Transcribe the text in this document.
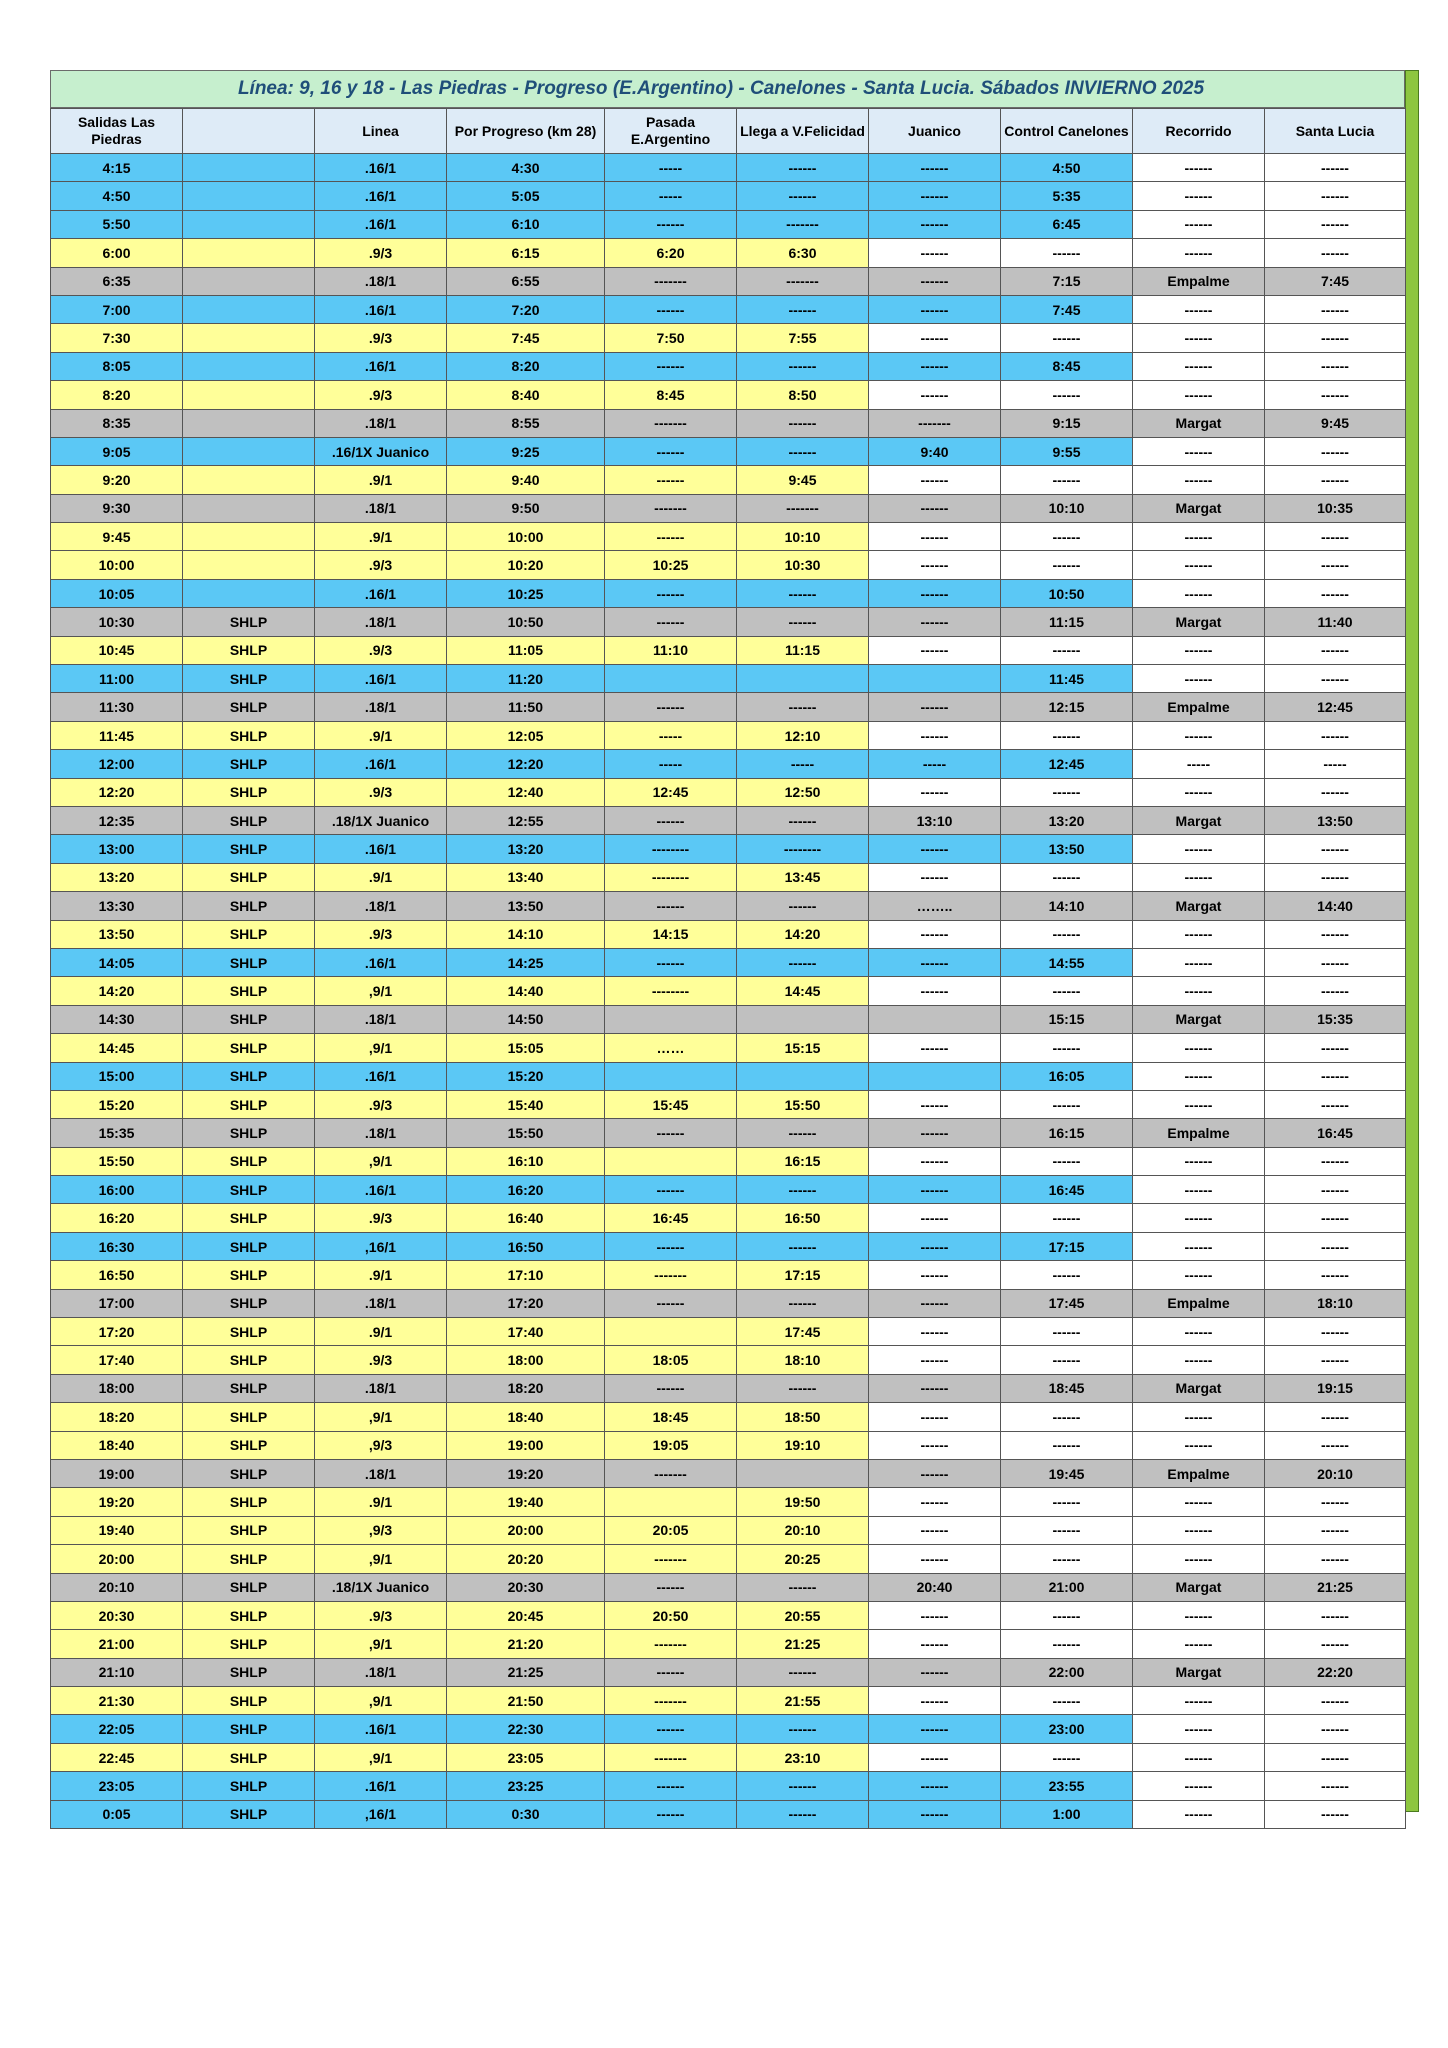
Línea: 9, 16 y 18 - Las Piedras - Progreso (E.Argentino) - Canelones - Santa Lucia. Sábados INVIERNO 2025
Salidas Las Piedras		Linea	Por Progreso (km 28)	Pasada E.Argentino	Llega a V.Felicidad	Juanico	Control Canelones	Recorrido	Santa Lucia
4:15		.16/1	4:30	-----	------	------	4:50	------	------
4:50		.16/1	5:05	-----	------	------	5:35	------	------
5:50		.16/1	6:10	------	-------	------	6:45	------	------
6:00		.9/3	6:15	6:20	6:30	------	------	------	------
6:35		.18/1	6:55	-------	-------	------	7:15	Empalme	7:45
7:00		.16/1	7:20	------	------	------	7:45	------	------
7:30		.9/3	7:45	7:50	7:55	------	------	------	------
8:05		.16/1	8:20	------	------	------	8:45	------	------
8:20		.9/3	8:40	8:45	8:50	------	------	------	------
8:35		.18/1	8:55	-------	------	-------	9:15	Margat	9:45
9:05		.16/1X Juanico	9:25	------	------	9:40	9:55	------	------
9:20		.9/1	9:40	------	9:45	------	------	------	------
9:30		.18/1	9:50	-------	-------	------	10:10	Margat	10:35
9:45		.9/1	10:00	------	10:10	------	------	------	------
10:00		.9/3	10:20	10:25	10:30	------	------	------	------
10:05		.16/1	10:25	------	------	------	10:50	------	------
10:30	SHLP	.18/1	10:50	------	------	------	11:15	Margat	11:40
10:45	SHLP	.9/3	11:05	11:10	11:15	------	------	------	------
11:00	SHLP	.16/1	11:20				11:45	------	------
11:30	SHLP	.18/1	11:50	------	------	------	12:15	Empalme	12:45
11:45	SHLP	.9/1	12:05	-----	12:10	------	------	------	------
12:00	SHLP	.16/1	12:20	-----	-----	-----	12:45	-----	-----
12:20	SHLP	.9/3	12:40	12:45	12:50	------	------	------	------
12:35	SHLP	.18/1X Juanico	12:55	------	------	13:10	13:20	Margat	13:50
13:00	SHLP	.16/1	13:20	--------	--------	------	13:50	------	------
13:20	SHLP	.9/1	13:40	--------	13:45	------	------	------	------
13:30	SHLP	.18/1	13:50	------	------	……..	14:10	Margat	14:40
13:50	SHLP	.9/3	14:10	14:15	14:20	------	------	------	------
14:05	SHLP	.16/1	14:25	------	------	------	14:55	------	------
14:20	SHLP	,9/1	14:40	--------	14:45	------	------	------	------
14:30	SHLP	.18/1	14:50				15:15	Margat	15:35
14:45	SHLP	,9/1	15:05	……	15:15	------	------	------	------
15:00	SHLP	.16/1	15:20				16:05	------	------
15:20	SHLP	.9/3	15:40	15:45	15:50	------	------	------	------
15:35	SHLP	.18/1	15:50	------	------	------	16:15	Empalme	16:45
15:50	SHLP	,9/1	16:10		16:15	------	------	------	------
16:00	SHLP	.16/1	16:20	------	------	------	16:45	------	------
16:20	SHLP	.9/3	16:40	16:45	16:50	------	------	------	------
16:30	SHLP	,16/1	16:50	------	------	------	17:15	------	------
16:50	SHLP	.9/1	17:10	-------	17:15	------	------	------	------
17:00	SHLP	.18/1	17:20	------	------	------	17:45	Empalme	18:10
17:20	SHLP	.9/1	17:40		17:45	------	------	------	------
17:40	SHLP	.9/3	18:00	18:05	18:10	------	------	------	------
18:00	SHLP	.18/1	18:20	------	------	------	18:45	Margat	19:15
18:20	SHLP	,9/1	18:40	18:45	18:50	------	------	------	------
18:40	SHLP	,9/3	19:00	19:05	19:10	------	------	------	------
19:00	SHLP	.18/1	19:20	-------		------	19:45	Empalme	20:10
19:20	SHLP	.9/1	19:40		19:50	------	------	------	------
19:40	SHLP	,9/3	20:00	20:05	20:10	------	------	------	------
20:00	SHLP	,9/1	20:20	-------	20:25	------	------	------	------
20:10	SHLP	.18/1X Juanico	20:30	------	------	20:40	21:00	Margat	21:25
20:30	SHLP	.9/3	20:45	20:50	20:55	------	------	------	------
21:00	SHLP	,9/1	21:20	-------	21:25	------	------	------	------
21:10	SHLP	.18/1	21:25	------	------	------	22:00	Margat	22:20
21:30	SHLP	,9/1	21:50	-------	21:55	------	------	------	------
22:05	SHLP	.16/1	22:30	------	------	------	23:00	------	------
22:45	SHLP	,9/1	23:05	-------	23:10	------	------	------	------
23:05	SHLP	.16/1	23:25	------	------	------	23:55	------	------
0:05	SHLP	,16/1	0:30	------	------	------	1:00	------	------
